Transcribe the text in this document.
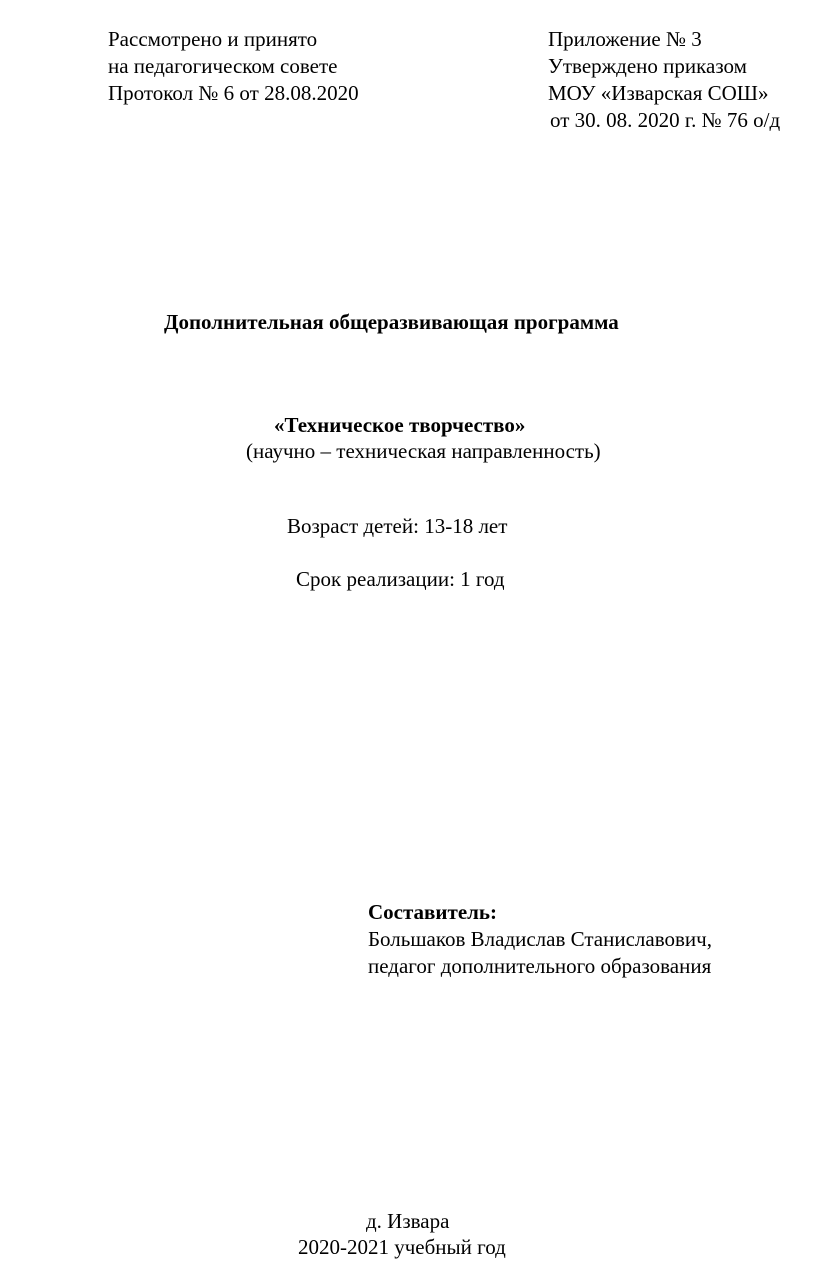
Рассмотрено и принято
на педагогическом совете
Протокол № 6 от 28.08.2020
Приложение № 3
Утверждено приказом
МОУ «Изварская СОШ»
от 30. 08. 2020 г. № 76 о/д
Дополнительная общеразвивающая программа
«Техническое творчество»
(научно – техническая направленность)
Возраст детей: 13-18 лет
Срок реализации: 1 год
Составитель:
Большаков Владислав Станиславович,
педагог дополнительного образования
д. Извара
2020-2021 учебный год
